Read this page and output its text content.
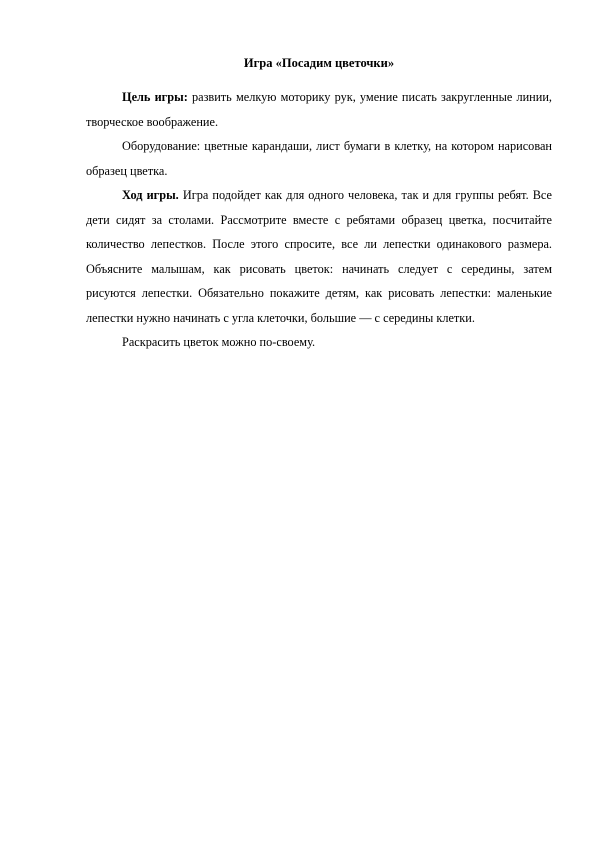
Игра «Посадим цветочки»

Цель игры: развить мелкую моторику рук, умение писать закругленные линии, творческое воображение.

Оборудование: цветные карандаши, лист бумаги в клетку, на котором нарисован образец цветка.

Ход игры. Игра подойдет как для одного человека, так и для группы ребят. Все дети сидят за столами. Рассмотрите вместе с ребятами образец цветка, посчитайте количество лепестков. После этого спросите, все ли лепестки одинакового размера. Объясните малышам, как рисовать цветок: начинать следует с середины, затем рисуются лепестки. Обязательно покажите детям, как рисовать лепестки: маленькие лепестки нужно начинать с угла клеточки, большие — с середины клетки.

Раскрасить цветок можно по-своему.
